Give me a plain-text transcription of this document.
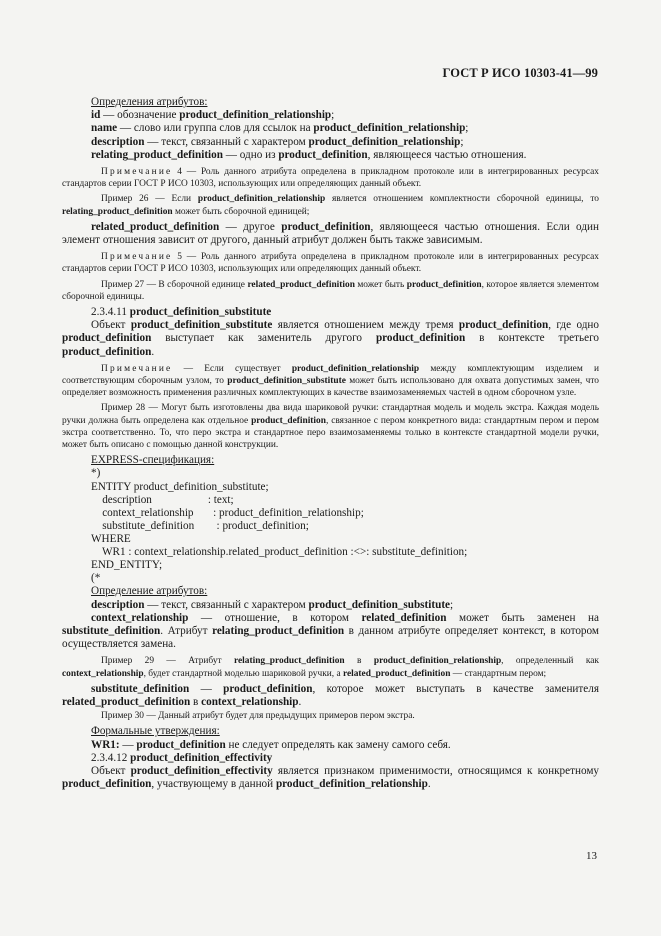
ГОСТ Р ИСО 10303-41—99

Определения атрибутов:

id — обозначение product_definition_relationship;

name — слово или группа слов для ссылок на product_definition_relationship;

description — текст, связанный с характером product_definition_relationship;

relating_product_definition — одно из product_definition, являющееся частью отношения.

Примечание 4 — Роль данного атрибута определена в прикладном протоколе или в интегрированных ресурсах стандартов серии ГОСТ Р ИСО 10303, использующих или определяющих данный объект.

Пример 26 — Если product_definition_relationship является отношением комплектности сборочной единицы, то relating_product_definition может быть сборочной единицей;

related_product_definition — другое product_definition, являющееся частью отношения. Если один элемент отношения зависит от другого, данный атрибут должен быть также зависимым.

Примечание 5 — Роль данного атрибута определена в прикладном протоколе или в интегрированных ресурсах стандартов серии ГОСТ Р ИСО 10303, использующих или определяющих данный объект.

Пример 27 — В сборочной единице related_product_definition может быть product_definition, которое является элементом сборочной единицы.

2.3.4.11 product_definition_substitute

Объект product_definition_substitute является отношением между тремя product_definition, где одно product_definition выступает как заменитель другого product_definition в контексте третьего product_definition.

Примечание — Если существует product_definition_relationship между комплектующим изделием и соответствующим сборочным узлом, то product_definition_substitute может быть использовано для охвата допустимых замен, что определяет возможность применения различных комплектующих в качестве взаимозаменяемых частей в одном сборочном узле.

Пример 28 — Могут быть изготовлены два вида шариковой ручки: стандартная модель и модель экстра. Каждая модель ручки должна быть определена как отдельное product_definition, связанное с пером конкретного вида: стандартным пером и пером экстра соответственно. То, что перо экстра и стандартное перо взаимозаменяемы только в контексте стандартной модели ручки, может быть описано с помощью данной конструкции.

EXPRESS-спецификация:

*)
ENTITY product_definition_substitute;
description                    : text;
context_relationship       : product_definition_relationship;
substitute_definition        : product_definition;
WHERE
WR1 : context_relationship.related_product_definition :<>: substitute_definition;
END_ENTITY;
(*

Определение атрибутов:

description — текст, связанный с характером product_definition_substitute;

context_relationship — отношение, в котором related_definition может быть заменен на substitute_definition. Атрибут relating_product_definition в данном атрибуте определяет контекст, в котором осуществляется замена.

Пример 29 — Атрибут relating_product_definition в product_definition_relationship, определенный как context_relationship, будет стандартной моделью шариковой ручки, а related_product_definition — стандартным пером;

substitute_definition — product_definition, которое может выступать в качестве заменителя related_product_definition в context_relationship.

Пример 30 — Данный атрибут будет для предыдущих примеров пером экстра.

Формальные утверждения:

WR1: — product_definition не следует определять как замену самого себя.

2.3.4.12 product_definition_effectivity

Объект product_definition_effectivity является признаком применимости, относящимся к конкретному product_definition, участвующему в данной product_definition_relationship.

13
